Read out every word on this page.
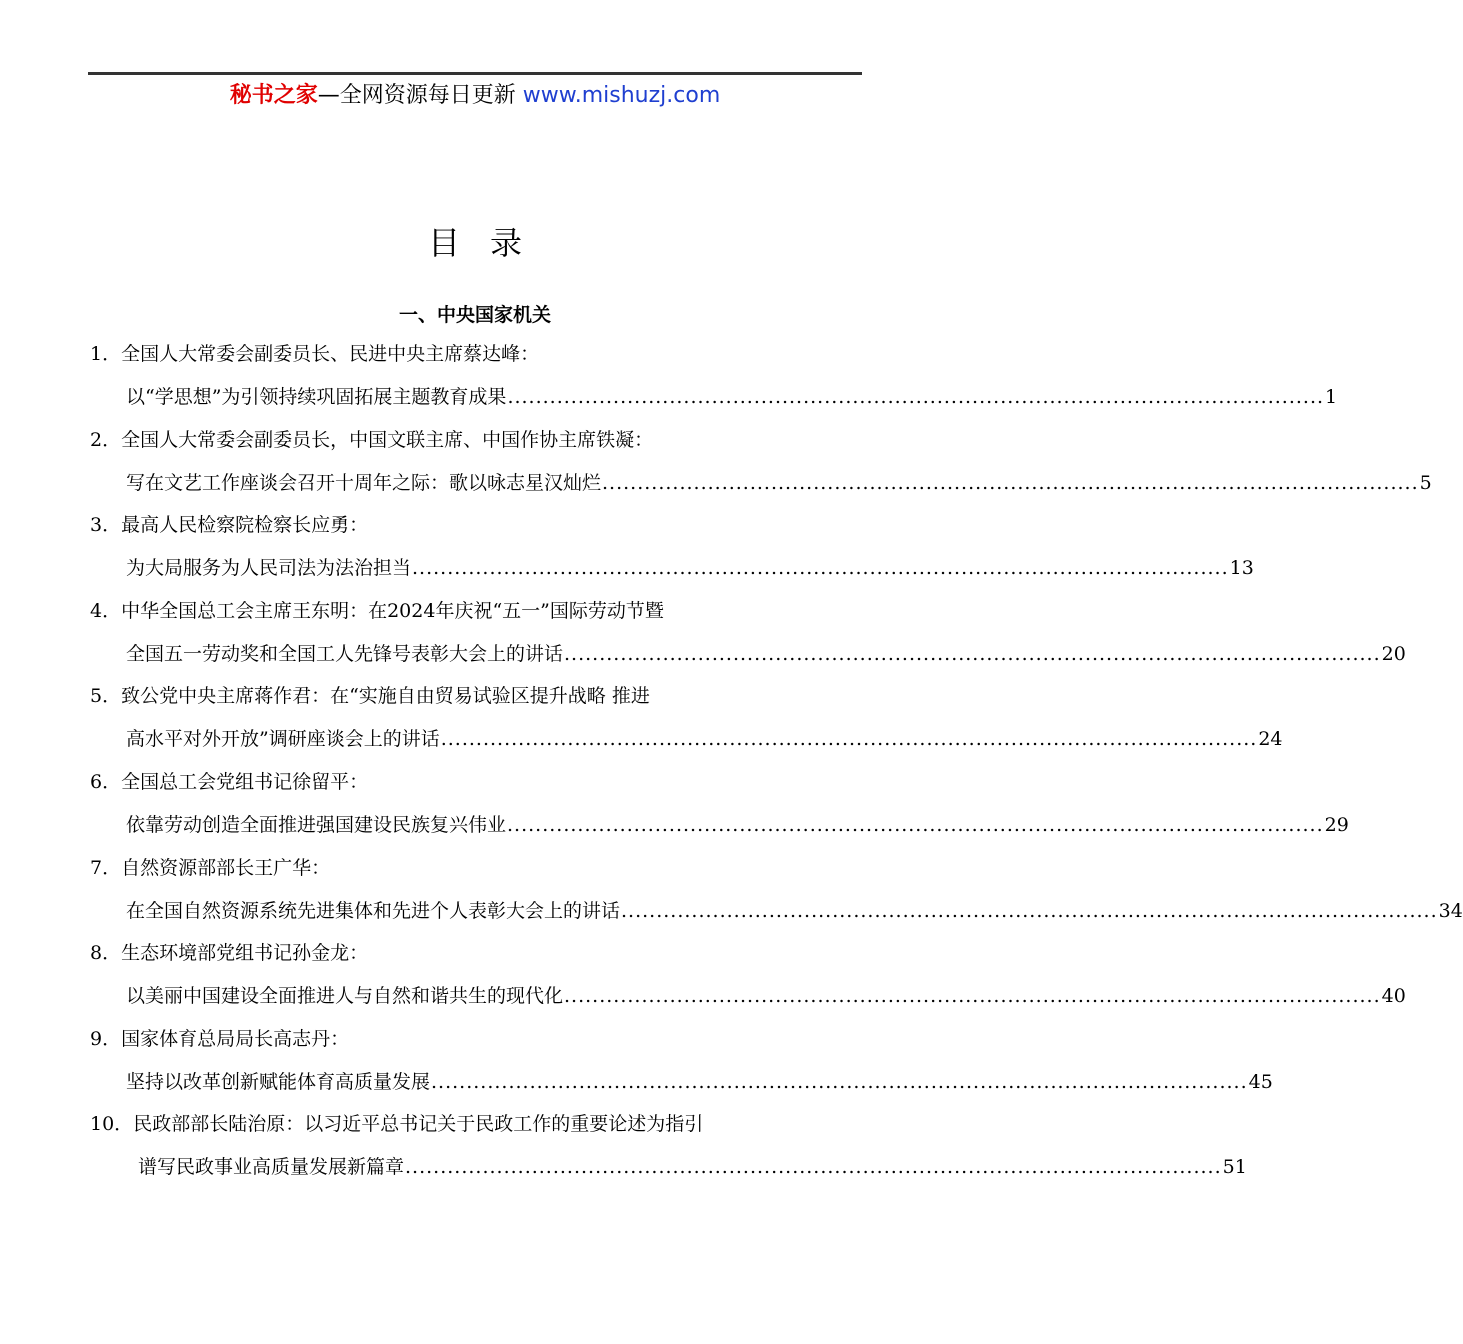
秘书之家—全网资源每日更新 www.mishuzj.com
目录
一、中央国家机关
1．全国人大常委会副委员长、民进中央主席蔡达峰：
以“学思想”为引领持续巩固拓展主题教育成果 .................................................................................................................... 1
2．全国人大常委会副委员长，中国文联主席、中国作协主席铁凝：
写在文艺工作座谈会召开十周年之际：歌以咏志星汉灿烂 .................................................................................................................... 5
3．最高人民检察院检察长应勇：
为大局服务为人民司法为法治担当 .................................................................................................................... 13
4．中华全国总工会主席王东明：在2024年庆祝“五一”国际劳动节暨
全国五一劳动奖和全国工人先锋号表彰大会上的讲话 .................................................................................................................... 20
5．致公党中央主席蒋作君：在“实施自由贸易试验区提升战略 推进
高水平对外开放”调研座谈会上的讲话 .................................................................................................................... 24
6．全国总工会党组书记徐留平：
依靠劳动创造全面推进强国建设民族复兴伟业 .................................................................................................................... 29
7．自然资源部部长王广华：
在全国自然资源系统先进集体和先进个人表彰大会上的讲话 .................................................................................................................... 34
8．生态环境部党组书记孙金龙：
以美丽中国建设全面推进人与自然和谐共生的现代化 .................................................................................................................... 40
9．国家体育总局局长高志丹：
坚持以改革创新赋能体育高质量发展 .................................................................................................................... 45
10．民政部部长陆治原：以习近平总书记关于民政工作的重要论述为指引
谱写民政事业高质量发展新篇章 .................................................................................................................... 51
